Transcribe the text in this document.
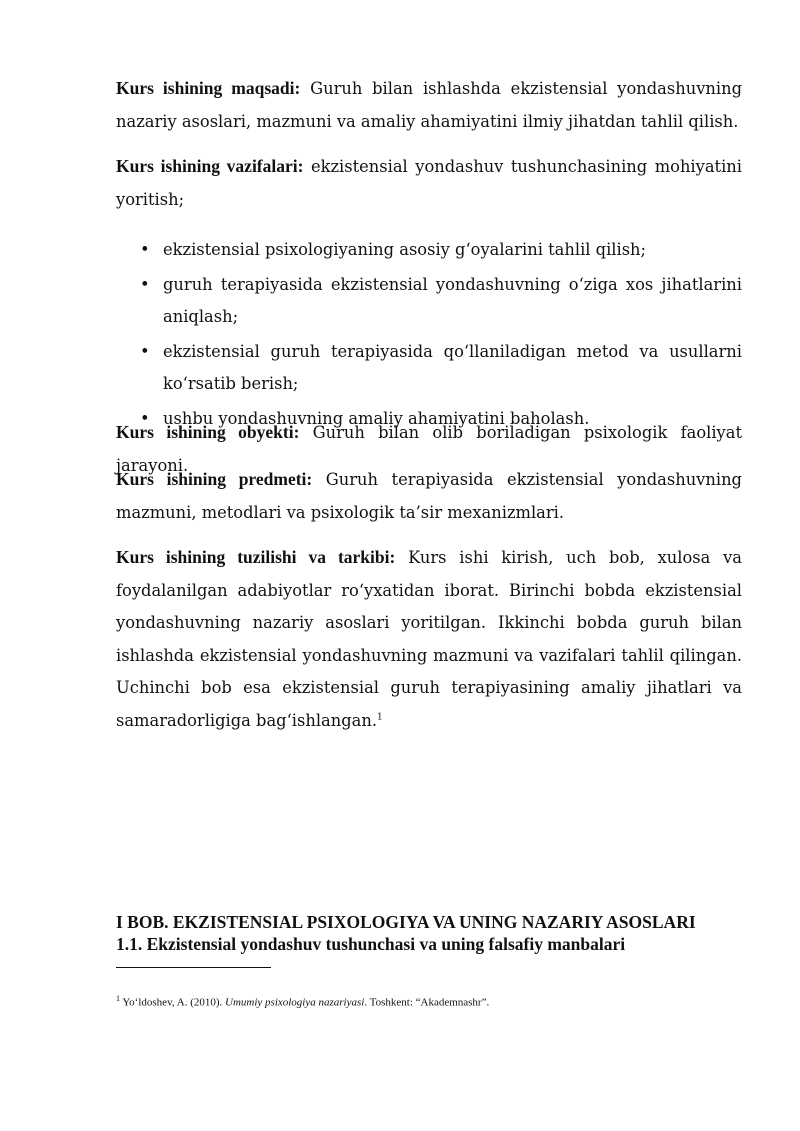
Kurs ishining maqsadi: Guruh bilan ishlashda ekzistensial yondashuvning nazariy asoslari, mazmuni va amaliy ahamiyatini ilmiy jihatdan tahlil qilish.

Kurs ishining vazifalari: ekzistensial yondashuv tushunchasining mohiyatini yoritish;

• ekzistensial psixologiyaning asosiy g‘oyalarini tahlil qilish;
• guruh terapiyasida ekzistensial yondashuvning o‘ziga xos jihatlarini aniqlash;
• ekzistensial guruh terapiyasida qo‘llaniladigan metod va usullarni ko‘rsatib berish;
• ushbu yondashuvning amaliy ahamiyatini baholash.

Kurs ishining obyekti: Guruh bilan olib boriladigan psixologik faoliyat jarayoni.

Kurs ishining predmeti: Guruh terapiyasida ekzistensial yondashuvning mazmuni, metodlari va psixologik ta’sir mexanizmlari.

Kurs ishining tuzilishi va tarkibi: Kurs ishi kirish, uch bob, xulosa va foydalanilgan adabiyotlar ro‘yxatidan iborat. Birinchi bobda ekzistensial yondashuvning nazariy asoslari yoritilgan. Ikkinchi bobda guruh bilan ishlashda ekzistensial yondashuvning mazmuni va vazifalari tahlil qilingan. Uchinchi bob esa ekzistensial guruh terapiyasining amaliy jihatlari va samaradorligiga bag‘ishlangan.$^1$

I BOB. EKZISTENSIAL PSIXOLOGIYA VA UNING NAZARIY ASOSLARI
1.1. Ekzistensial yondashuv tushunchasi va uning falsafiy manbalari
$^1$ Yo‘ldoshev, A. (2010). Umumiy psixologiya nazariyasi. Toshkent: “Akademnashr”.
